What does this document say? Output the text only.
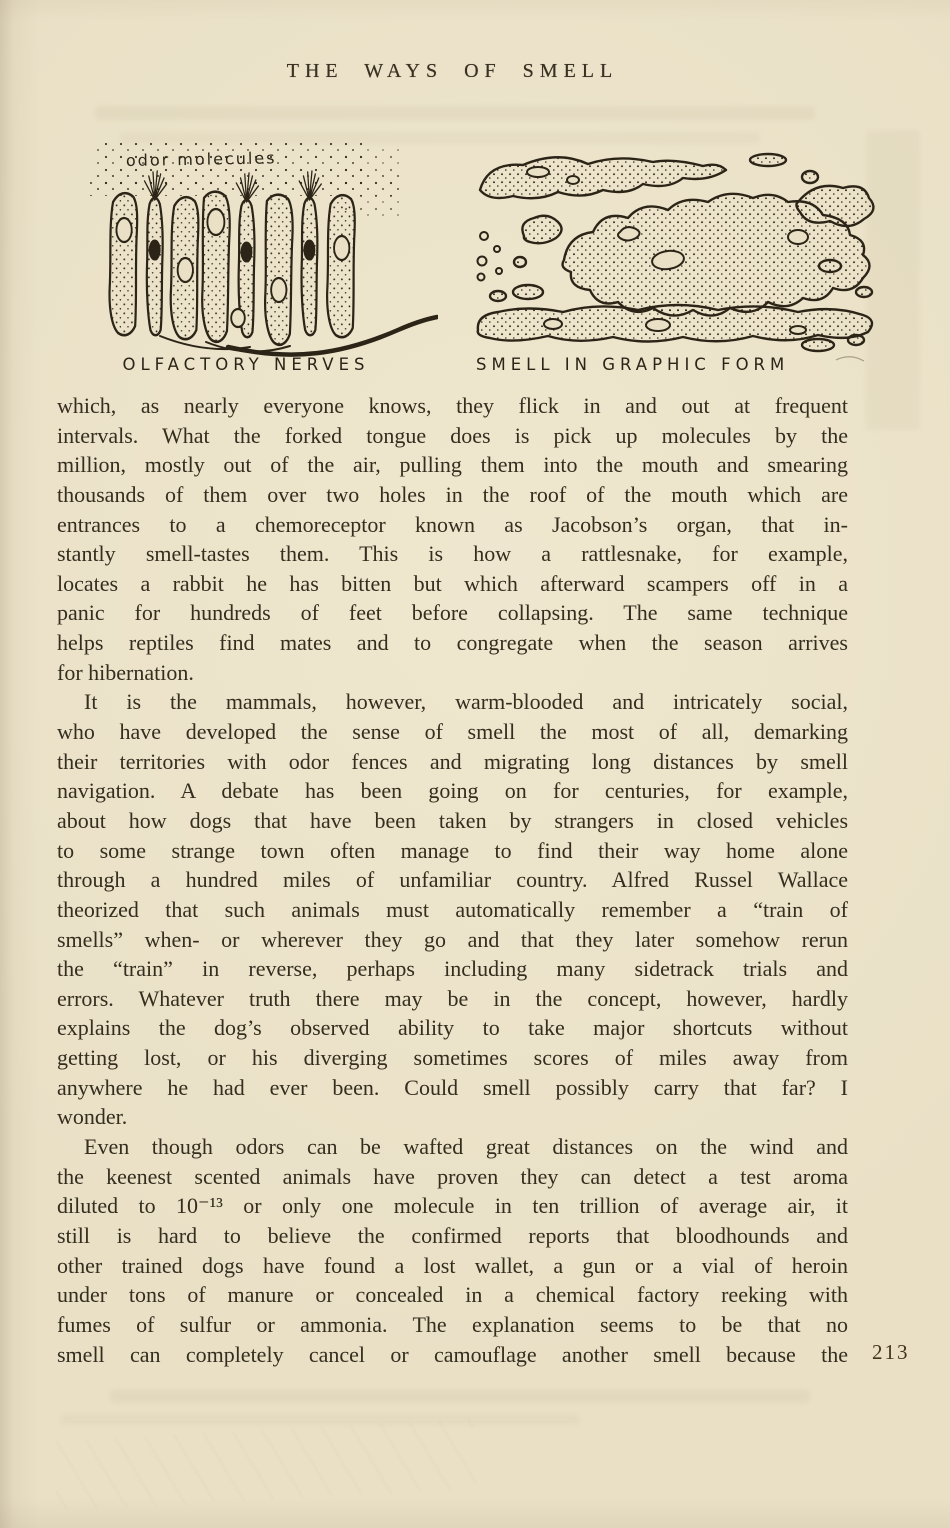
THE WAYS OF SMELL
odor molecules
OLFACTORY NERVES	SMELL IN GRAPHIC FORM
which, as nearly everyone knows, they flick in and out at frequent
intervals. What the forked tongue does is pick up molecules by the
million, mostly out of the air, pulling them into the mouth and smearing
thousands of them over two holes in the roof of the mouth which are
entrances to a chemoreceptor known as Jacobson’s organ, that in-
stantly smell-tastes them. This is how a rattlesnake, for example,
locates a rabbit he has bitten but which afterward scampers off in a
panic for hundreds of feet before collapsing. The same technique
helps reptiles find mates and to congregate when the season arrives
for hibernation.
It is the mammals, however, warm-blooded and intricately social,
who have developed the sense of smell the most of all, demarking
their territories with odor fences and migrating long distances by smell
navigation. A debate has been going on for centuries, for example,
about how dogs that have been taken by strangers in closed vehicles
to some strange town often manage to find their way home alone
through a hundred miles of unfamiliar country. Alfred Russel Wallace
theorized that such animals must automatically remember a “train of
smells” when- or wherever they go and that they later somehow rerun
the “train” in reverse, perhaps including many sidetrack trials and
errors. Whatever truth there may be in the concept, however, hardly
explains the dog’s observed ability to take major shortcuts without
getting lost, or his diverging sometimes scores of miles away from
anywhere he had ever been. Could smell possibly carry that far? I
wonder.
Even though odors can be wafted great distances on the wind and
the keenest scented animals have proven they can detect a test aroma
diluted to 10⁻¹³ or only one molecule in ten trillion of average air, it
still is hard to believe the confirmed reports that bloodhounds and
other trained dogs have found a lost wallet, a gun or a vial of heroin
under tons of manure or concealed in a chemical factory reeking with
fumes of sulfur or ammonia. The explanation seems to be that no
smell can completely cancel or camouflage another smell because the 213
